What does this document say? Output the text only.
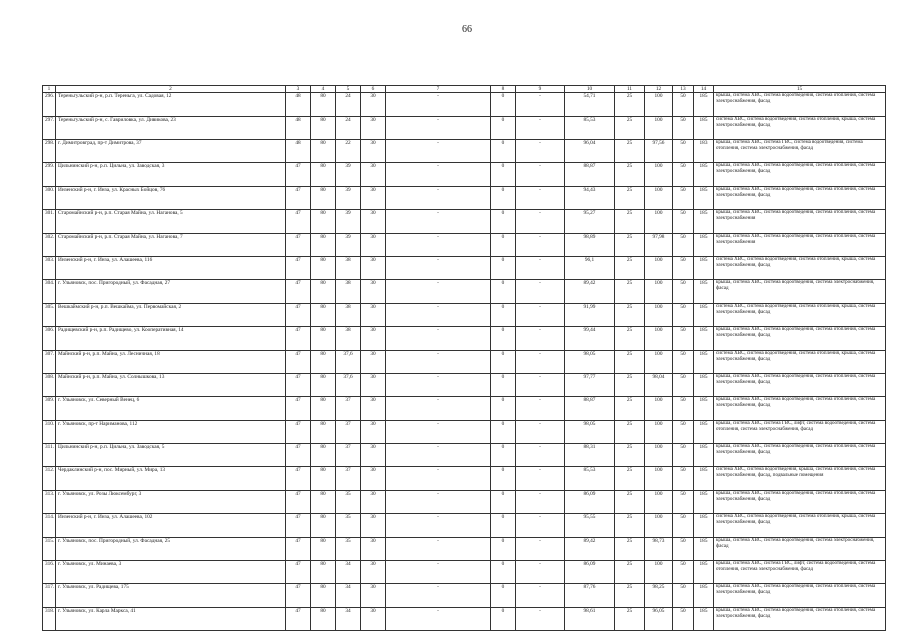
66
1	2	3	4	5	6	7	8	9	10	11	12	13	14	15
296.	Тереньгульский р-н, р.п. Тереньга, ул. Садовая, 12	48	80	24	30	-	0	-	54,71	25	100	50	185	крыша, система ХВС, система водоотведения, система отопления, система электроснабжения, фасад
297.	Тереньгульский р-н, с. Гавриловка, ул. Дивикова, 23	48	80	24	30	-	0	-	85,53	25	100	50	185	система ХВС, система водоотведения, система отопления, крыша, система электроснабжения, фасад
298.	г. Димитровград, пр-т Димитрова, 37	48	80	22	30	-	0	-	96,04	25	97,56	50	183	крыша, система ХВС, система ГВС, система водоотведения, система отопления, система электроснабжения, фасад
299.	Цильнинский р-н, р.п. Цильна, ул. Заводская, 3	47	80	39	30	-	0	-	88,87	25	100	50	185	крыша, система ХВС, система водоотведения, система отопления, система электроснабжения, фасад
300.	Инзенский р-н, г. Инза, ул. Красных Бойцов, 76	47	80	39	30	-	0	-	94,43	25	100	50	185	крыша, система ХВС, система водоотведения, система отопления, система электроснабжения, фасад
301.	Старомайнский р-н, р.п. Старая Майна, ул. Наганова, 5	47	80	39	30	-	0	-	95,27	25	100	50	185	крыша, система ХВС, система водоотведения, система отопления, система электроснабжения
302.	Старомайнский р-н, р.п. Старая Майна, ул. Наганова, 7	47	80	39	30	-	0	-	98,89	25	97,98	50	185	крыша, система ХВС, система водоотведения, система отопления, система электроснабжения
303.	Инзенский р-н, г. Инза, ул. Алашеева, 116	47	80	38	30	-	0	-	96,1	25	100	50	185	система ХВС, система водоотведения, система отопления, крыша, система электроснабжения, фасад
304.	г. Ульяновск, пос. Пригородный, ул. Фасадная, 27	47	80	38	30	-	0	-	89,42	25	100	50	185	крыша, система ХВС, система водоотведения, система электроснабжения, фасад
305.	Вешкаймский р-н, р.п. Вешкайма, ул. Первомайская, 2	47	80	38	30	-	0	-	91,99	25	100	50	185	система ХВС, система водоотведения, система отопления, крыша, система электроснабжения, фасад
306.	Радищевский р-н, р.п. Радищево, ул. Кооперативная, 14	47	80	38	30	-	0	-	99,44	25	100	50	185	крыша, система ХВС, система водоотведения, система отопления, система электроснабжения, фасад
307.	Майнский р-н, р.п. Майна, ул. Лесничная, 18	47	80	37,6	30	-	0	-	98,05	25	100	50	185	система ХВС, система водоотведения, система отопления, крыша, система электроснабжения, фасад
308.	Майнский р-н, р.п. Майна, ул. Солнышкова, 13	47	80	37,6	30	-	0	-	97,77	25	98,04	50	185	крыша, система ХВС, система водоотведения, система отопления, система электроснабжения, фасад
309.	г. Ульяновск, ул. Северный Венец, 6	47	80	37	30	-	0	-	88,87	25	100	50	185	крыша, система ХВС, система водоотведения, система отопления, система электроснабжения, фасад
310.	г. Ульяновск, пр-т Нариманова, 112	47	80	37	30	-	0	-	98,05	25	100	50	185	крыша, система ХВС, система ГВС, лифт, система водоотведения, система отопления, система электроснабжения, фасад
311.	Цильнинский р-н, р.п. Цильна, ул. Заводская, 5	47	80	37	30	-	0	-	88,31	25	100	50	185	крыша, система ХВС, система водоотведения, система отопления, система электроснабжения, фасад
312.	Чердаклинский р-н, пос. Мирный, ул. Мира, 13	47	80	37	30	-	0	-	85,53	25	100	50	185	система ХВС, система водоотведения, крыша, система отопления, система электроснабжения, фасад, подвальные помещения
313.	г. Ульяновск, ул. Розы Люксембург, 3	47	80	35	30	-	0	-	86,09	25	100	50	185	крыша, система ХВС, система водоотведения, система отопления, система электроснабжения, фасад
314.	Инзенский р-н, г. Инза, ул. Алашеева, 102	47	80	35	30	-	0	-	95,55	25	100	50	185	система ХВС, система водоотведения, система отопления, крыша, система электроснабжения, фасад
315.	г. Ульяновск, пос. Пригородный, ул. Фасадная, 25	47	80	35	30	-	0	-	89,42	25	98,73	50	185	крыша, система ХВС, система водоотведения, система электроснабжения, фасад
316.	г. Ульяновск, ул. Минаева, 3	47	80	34	30	-	0	-	86,09	25	100	50	185	крыша, система ХВС, система ГВС, лифт, система водоотведения, система отопления, система электроснабжения, фасад
317.	г. Ульяновск, ул. Радищева, 175	47	80	34	30	-	0	-	87,76	25	98,25	50	185	крыша, система ХВС, система водоотведения, система отопления, система электроснабжения, фасад
318.	г. Ульяновск, ул. Карла Маркса, 41	47	80	34	30	-	0	-	98,61	25	96,05	50	185	крыша, система ХВС, система водоотведения, система отопления, система электроснабжения, фасад
